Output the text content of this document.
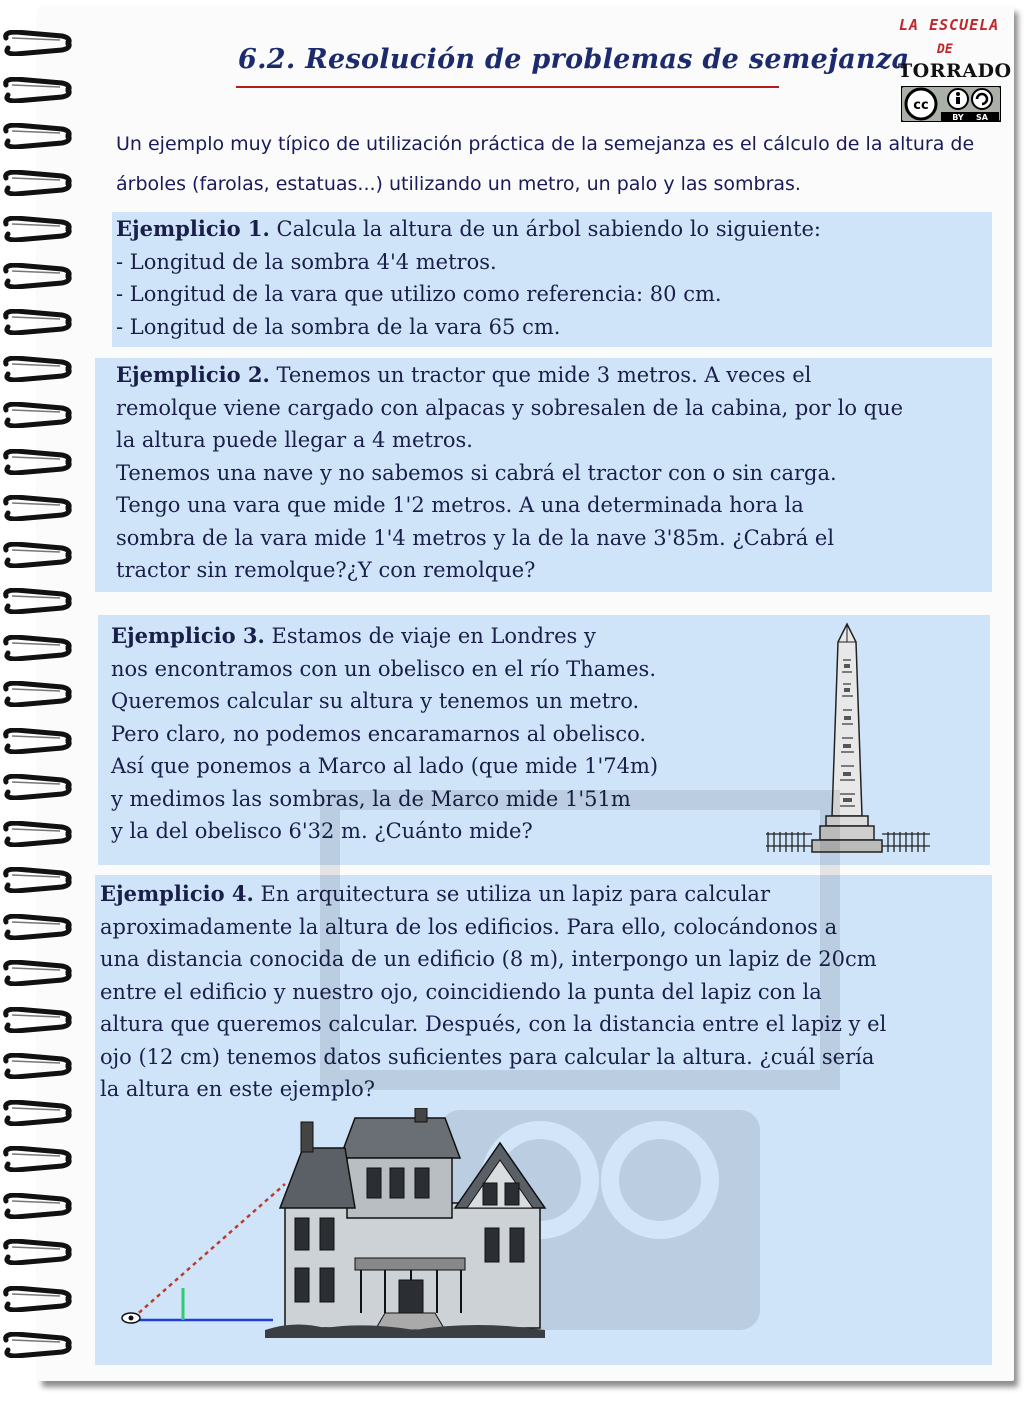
6.2. Resolución de problemas de semejanza
LA ESCUELA
DE
TORRADO
cc
BY SA
Un ejemplo muy típico de utilización práctica de la semejanza es el cálculo de la altura de
árboles (farolas, estatuas...) utilizando un metro, un palo y las sombras.
Ejemplicio 1. Calcula la altura de un árbol sabiendo lo siguiente:
- Longitud de la sombra 4'4 metros.
- Longitud de la vara que utilizo como referencia: 80 cm.
- Longitud de la sombra de la vara 65 cm.
Ejemplicio 2. Tenemos un tractor que mide 3 metros. A veces el
remolque viene cargado con alpacas y sobresalen de la cabina, por lo que
la altura puede llegar a 4 metros.
Tenemos una nave y no sabemos si cabrá el tractor con o sin carga.
Tengo una vara que mide 1'2 metros. A una determinada hora la
sombra de la vara mide 1'4 metros y la de la nave 3'85m. ¿Cabrá el
tractor sin remolque?¿Y con remolque?
Ejemplicio 3. Estamos de viaje en Londres y
nos encontramos con un obelisco en el río Thames.
Queremos calcular su altura y tenemos un metro.
Pero claro, no podemos encaramarnos al obelisco.
Así que ponemos a Marco al lado (que mide 1'74m)
y medimos las sombras, la de Marco mide 1'51m
y la del obelisco 6'32 m. ¿Cuánto mide?
Ejemplicio 4. En arquitectura se utiliza un lapiz para calcular
aproximadamente la altura de los edificios. Para ello, colocándonos a
una distancia conocida de un edificio (8 m), interpongo un lapiz de 20cm
entre el edificio y nuestro ojo, coincidiendo la punta del lapiz con la
altura que queremos calcular. Después, con la distancia entre el lapiz y el
ojo (12 cm) tenemos datos suficientes para calcular la altura. ¿cuál sería
la altura en este ejemplo?
